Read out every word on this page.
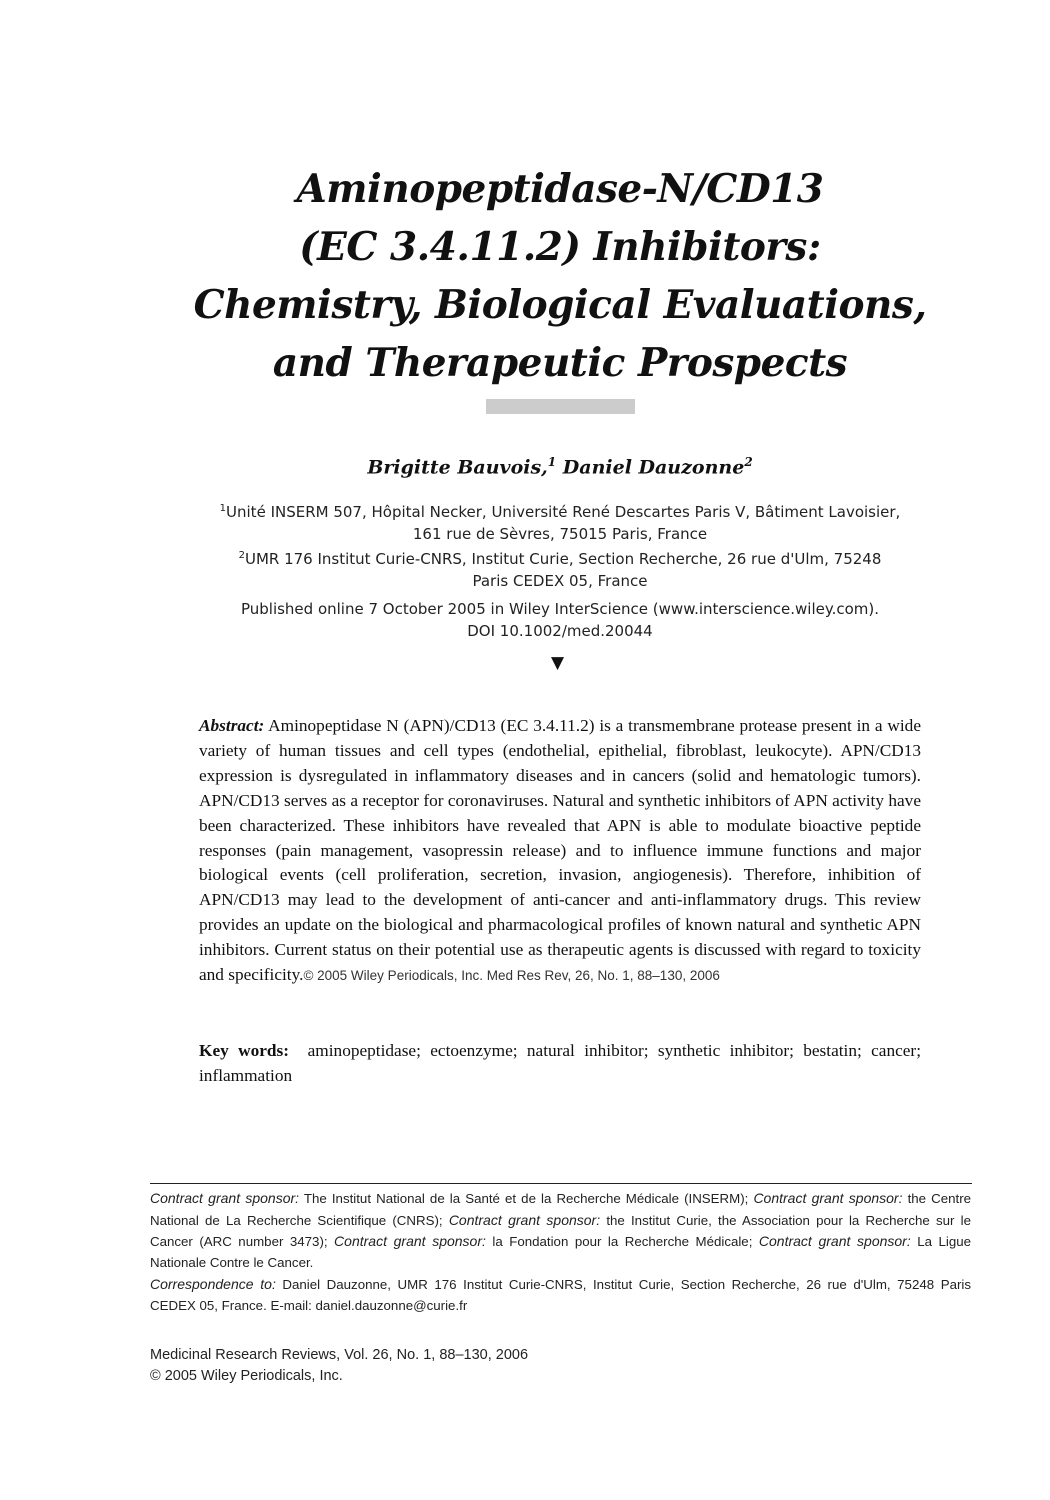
Aminopeptidase-N/CD13
(EC 3.4.11.2) Inhibitors:
Chemistry, Biological Evaluations,
and Therapeutic Prospects
Brigitte Bauvois,$^1$ Daniel Dauzonne$^2$
$^1$Unité INSERM 507, Hôpital Necker, Université René Descartes Paris V, Bâtiment Lavoisier,
161 rue de Sèvres, 75015 Paris, France
$^2$UMR 176 Institut Curie-CNRS, Institut Curie, Section Recherche, 26 rue d'Ulm, 75248
Paris CEDEX 05, France
Published online 7 October 2005 in Wiley InterScience (www.interscience.wiley.com).
DOI 10.1002/med.20044
▼
Abstract: Aminopeptidase N (APN)/CD13 (EC 3.4.11.2) is a transmembrane protease present in a wide variety of human tissues and cell types (endothelial, epithelial, fibroblast, leukocyte). APN/CD13 expression is dysregulated in inflammatory diseases and in cancers (solid and hematologic tumors). APN/CD13 serves as a receptor for coronaviruses. Natural and synthetic inhibitors of APN activity have been characterized. These inhibitors have revealed that APN is able to modulate bioactive peptide responses (pain management, vasopressin release) and to influence immune functions and major biological events (cell proliferation, secretion, invasion, angiogenesis). Therefore, inhibition of APN/CD13 may lead to the development of anti-cancer and anti-inflammatory drugs. This review provides an update on the biological and pharmacological profiles of known natural and synthetic APN inhibitors. Current status on their potential use as therapeutic agents is discussed with regard to toxicity and specificity.© 2005 Wiley Periodicals, Inc. Med Res Rev, 26, No. 1, 88–130, 2006
Key words: aminopeptidase; ectoenzyme; natural inhibitor; synthetic inhibitor; bestatin; cancer; inflammation

Contract grant sponsor: The Institut National de la Santé et de la Recherche Médicale (INSERM); Contract grant sponsor: the Centre National de La Recherche Scientifique (CNRS); Contract grant sponsor: the Institut Curie, the Association pour la Recherche sur le Cancer (ARC number 3473); Contract grant sponsor: la Fondation pour la Recherche Médicale; Contract grant sponsor: La Ligue Nationale Contre le Cancer.

Correspondence to: Daniel Dauzonne, UMR 176 Institut Curie-CNRS, Institut Curie, Section Recherche, 26 rue d'Ulm, 75248 Paris CEDEX 05, France. E-mail: daniel.dauzonne@curie.fr

Medicinal Research Reviews, Vol. 26, No. 1, 88–130, 2006
© 2005 Wiley Periodicals, Inc.
